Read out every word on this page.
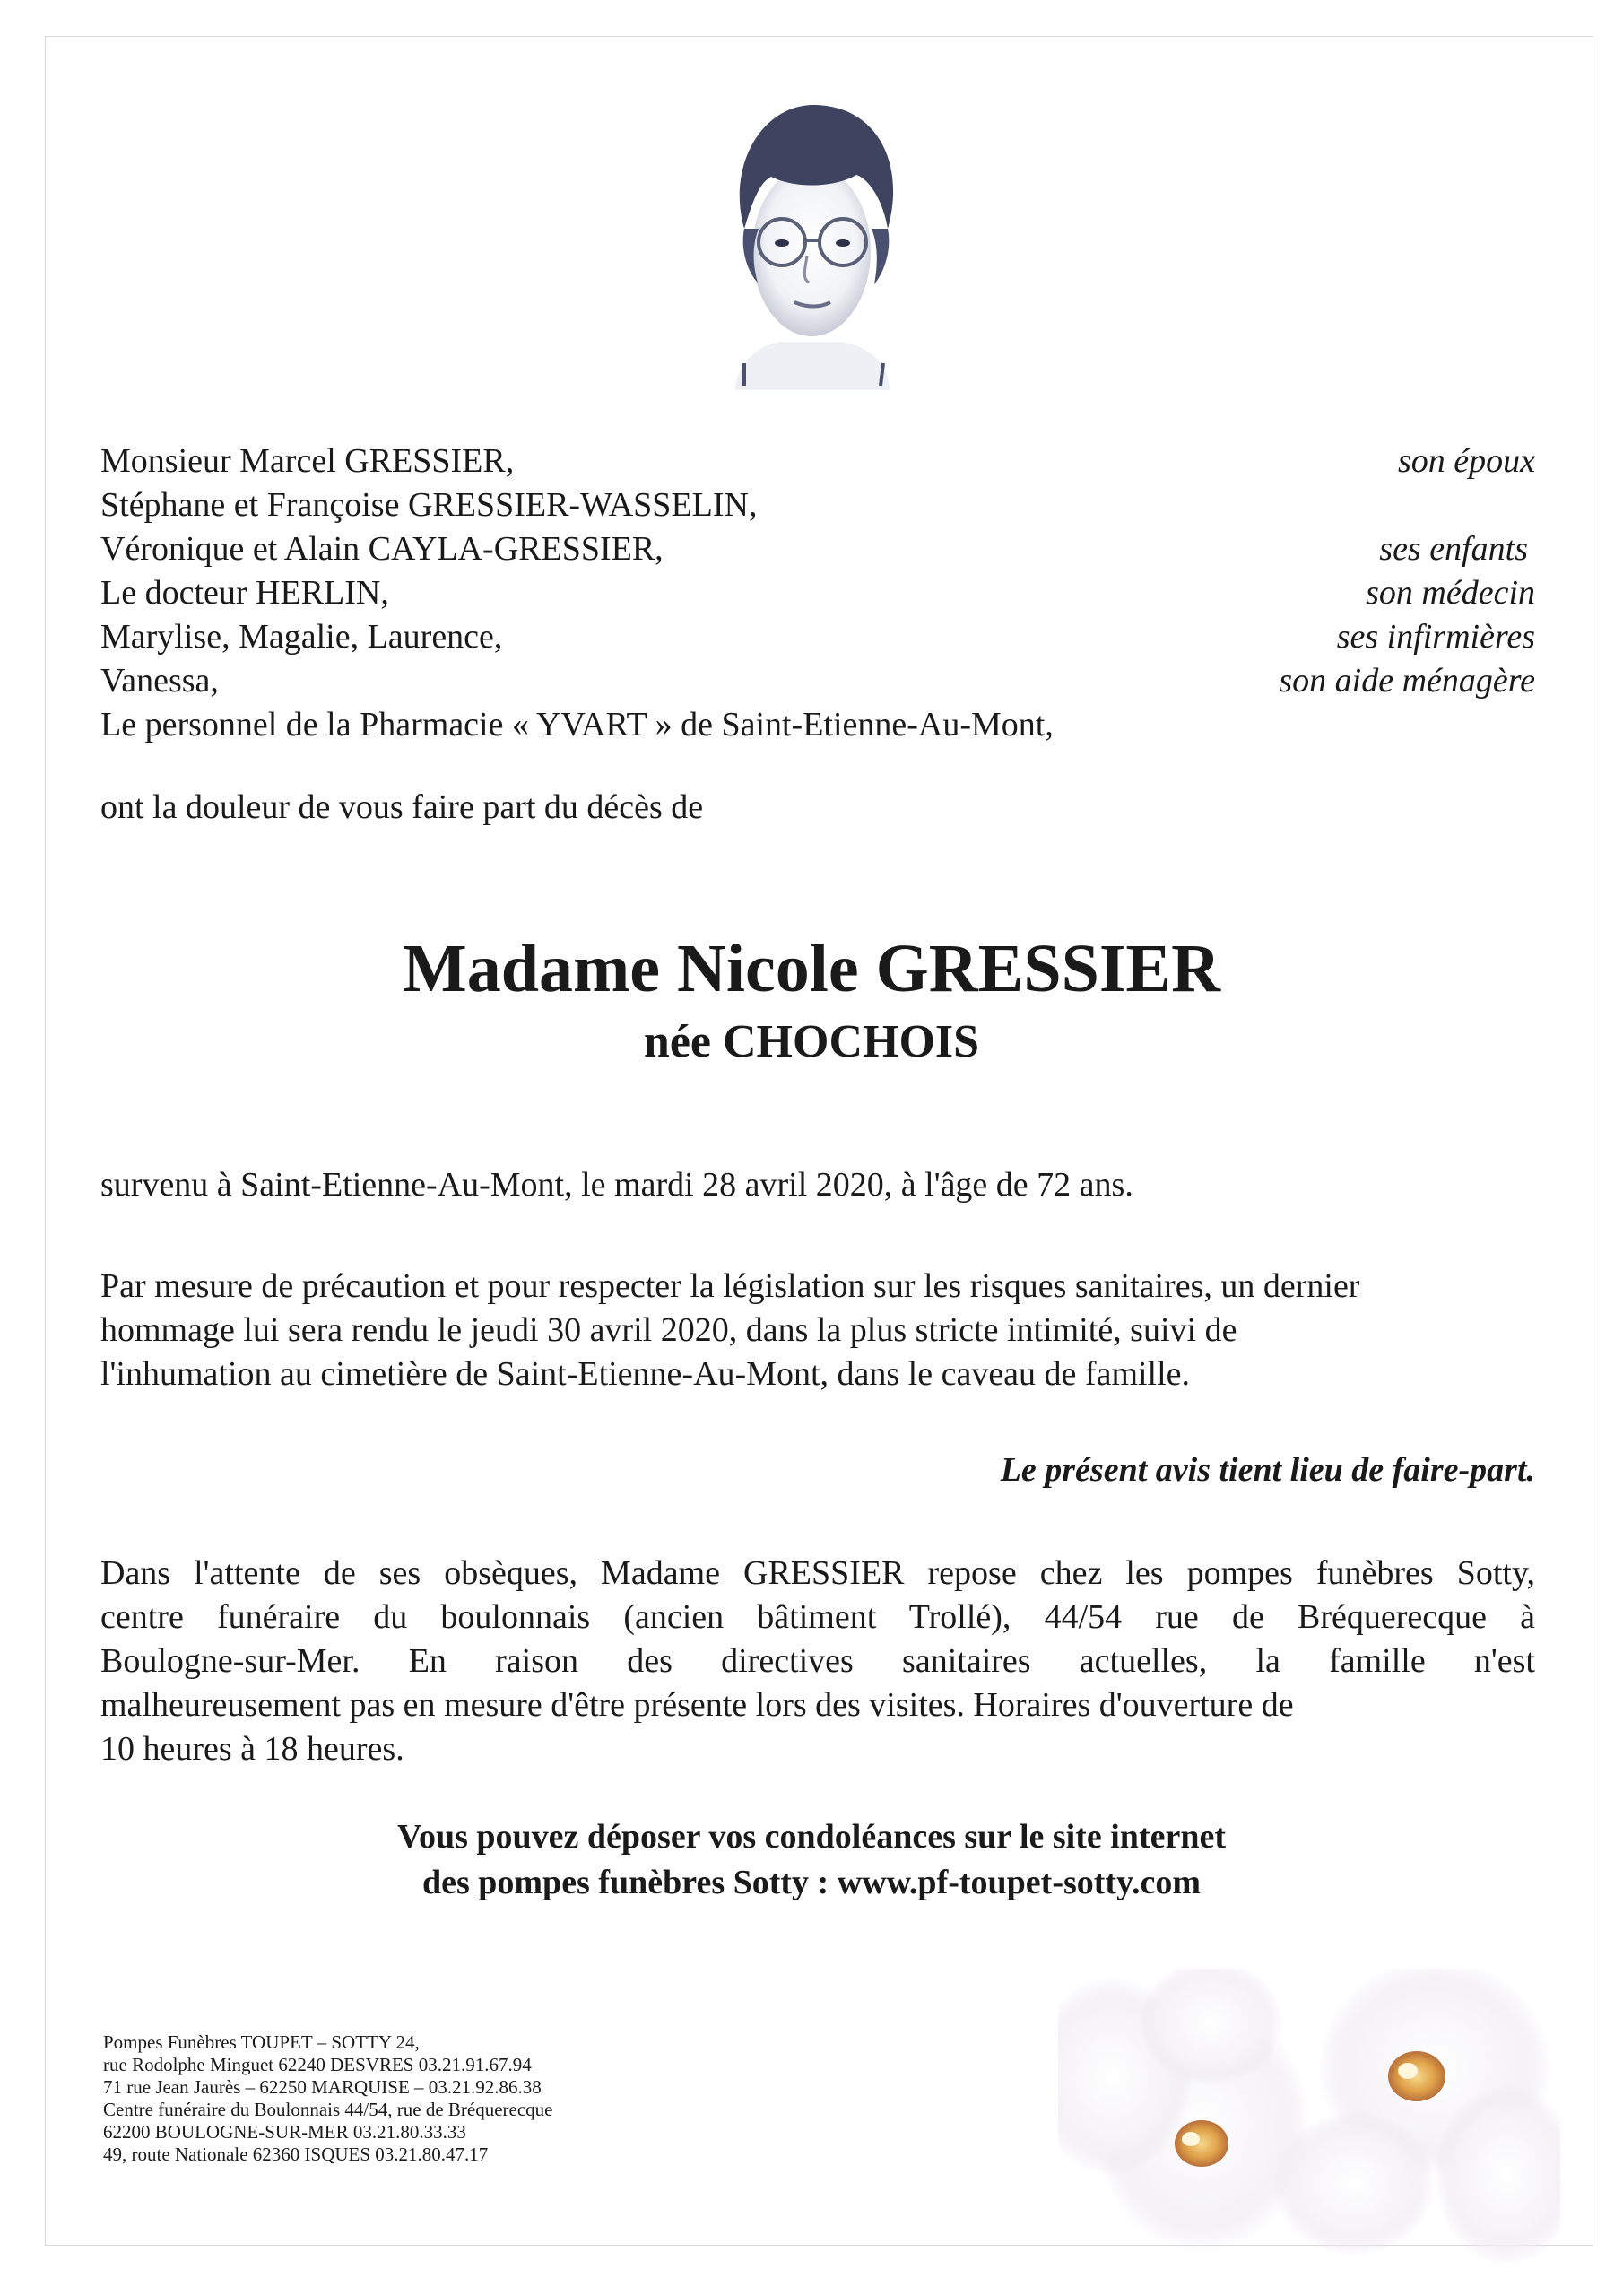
Monsieur Marcel GRESSIER,	son époux
Stéphane et Françoise GRESSIER-WASSELIN,
Véronique et Alain CAYLA-GRESSIER,	ses enfants
Le docteur HERLIN,	son médecin
Marylise, Magalie, Laurence,	ses infirmières
Vanessa,	son aide ménagère
Le personnel de la Pharmacie « YVART » de Saint-Etienne-Au-Mont,
ont la douleur de vous faire part du décès de
Madame Nicole GRESSIER
née CHOCHOIS
survenu à Saint-Etienne-Au-Mont, le mardi 28 avril 2020, à l'âge de 72 ans.
Par mesure de précaution et pour respecter la législation sur les risques sanitaires, un dernier
hommage lui sera rendu le jeudi 30 avril 2020, dans la plus stricte intimité, suivi de
l'inhumation au cimetière de Saint-Etienne-Au-Mont, dans le caveau de famille.
Le présent avis tient lieu de faire-part.
Dans l'attente de ses obsèques, Madame GRESSIER repose chez les pompes funèbres Sotty,
centre funéraire du boulonnais (ancien bâtiment Trollé), 44/54 rue de Bréquerecque à
Boulogne-sur-Mer. En raison des directives sanitaires actuelles, la famille n'est
malheureusement pas en mesure d'être présente lors des visites. Horaires d'ouverture de
10 heures à 18 heures.
Vous pouvez déposer vos condoléances sur le site internet
des pompes funèbres Sotty : www.pf-toupet-sotty.com
Pompes Funèbres TOUPET – SOTTY 24,
rue Rodolphe Minguet 62240 DESVRES 03.21.91.67.94
71 rue Jean Jaurès – 62250 MARQUISE – 03.21.92.86.38
Centre funéraire du Boulonnais 44/54, rue de Bréquerecque
62200 BOULOGNE-SUR-MER 03.21.80.33.33
49, route Nationale 62360 ISQUES 03.21.80.47.17
